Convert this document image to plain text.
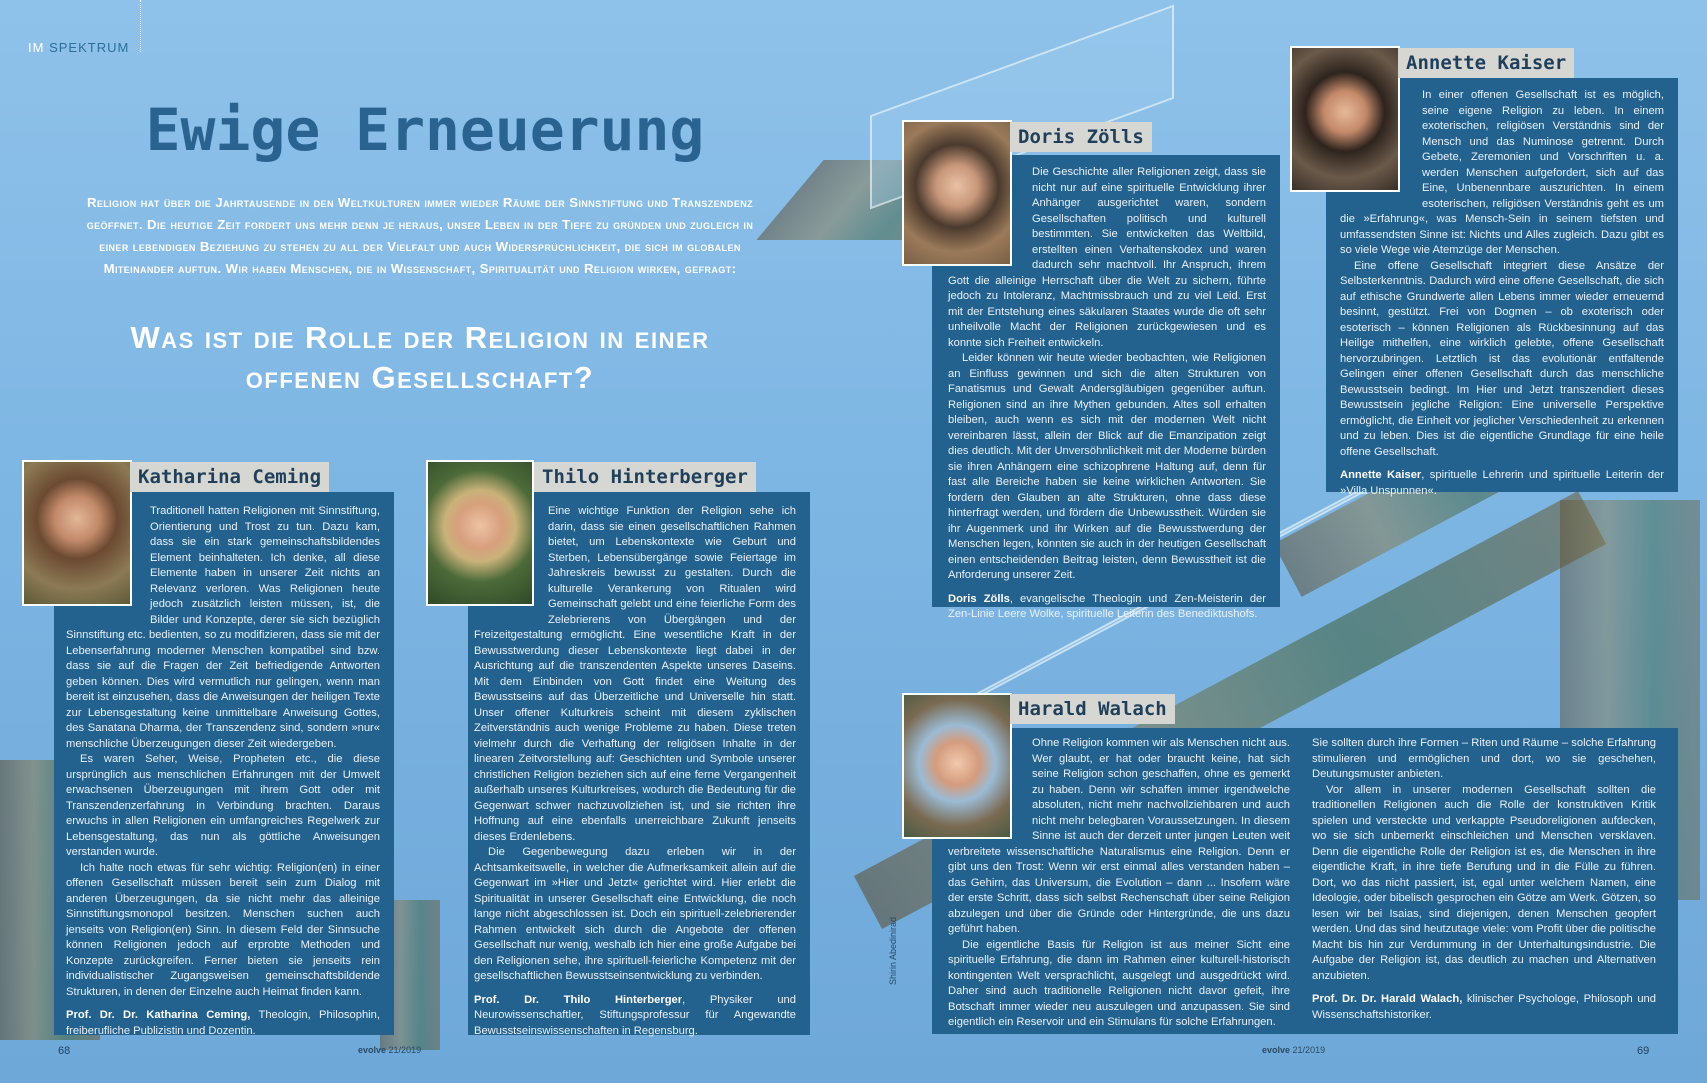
IM SPEKTRUM
Ewige Erneuerung
Religion hat über die Jahrtausende in den Weltkulturen immer wieder Räume der Sinnstiftung und Transzendenz geöffnet. Die heutige Zeit fordert uns mehr denn je heraus, unser Leben in der Tiefe zu gründen und zugleich in einer lebendigen Beziehung zu stehen zu all der Vielfalt und auch Widersprüchlichkeit, die sich im globalen Miteinander auftun. Wir haben Menschen, die in Wissenschaft, Spiritualität und Religion wirken, gefragt:
Was ist die Rolle der Religion in einer offenen Gesellschaft?

Traditionell hatten Religionen mit Sinnstiftung, Orientierung und Trost zu tun. Dazu kam, dass sie ein stark gemeinschaftsbildendes Element beinhalteten. Ich denke, all diese Elemente haben in unserer Zeit nichts an Relevanz verloren. Was Religionen heute jedoch zusätzlich leisten müssen, ist, die Bilder und Konzepte, derer sie sich bezüglich Sinnstiftung etc. bedienten, so zu modifizieren, dass sie mit der Lebenserfahrung moderner Menschen kompatibel sind bzw. dass sie auf die Fragen der Zeit befriedigende Antworten geben können. Dies wird vermutlich nur gelingen, wenn man bereit ist einzusehen, dass die Anweisungen der heiligen Texte zur Lebensgestaltung keine unmittelbare Anweisung Gottes, des Sanatana Dharma, der Transzendenz sind, sondern »nur« menschliche Überzeugungen dieser Zeit wiedergeben.

Es waren Seher, Weise, Propheten etc., die diese ursprünglich aus menschlichen Erfahrungen mit der Umwelt erwachsenen Überzeugungen mit ihrem Gott oder mit Transzendenzerfahrung in Verbindung brachten. Daraus erwuchs in allen Religionen ein umfangreiches Regelwerk zur Lebensgestaltung, das nun als göttliche Anweisungen verstanden wurde.

Ich halte noch etwas für sehr wichtig: Religion(en) in einer offenen Gesellschaft müssen bereit sein zum Dialog mit anderen Überzeugungen, da sie nicht mehr das alleinige Sinnstiftungsmonopol besitzen. Menschen suchen auch jenseits von Religion(en) Sinn. In diesem Feld der Sinnsuche können Religionen jedoch auf erprobte Methoden und Konzepte zurückgreifen. Ferner bieten sie jenseits rein individualistischer Zugangsweisen gemeinschaftsbildende Strukturen, in denen der Einzelne auch Heimat finden kann.

Prof. Dr. Dr. Katharina Ceming, Theologin, Philosophin, freiberufliche Publizistin und Dozentin.

Katharina Ceming

Eine wichtige Funktion der Religion sehe ich darin, dass sie einen gesellschaftlichen Rahmen bietet, um Lebenskontexte wie Geburt und Sterben, Lebensübergänge sowie Feiertage im Jahreskreis bewusst zu gestalten. Durch die kulturelle Verankerung von Ritualen wird Gemeinschaft gelebt und eine feierliche Form des Zelebrierens von Übergängen und der Freizeitgestaltung ermöglicht. Eine wesentliche Kraft in der Bewusstwerdung dieser Lebenskontexte liegt dabei in der Ausrichtung auf die transzendenten Aspekte unseres Daseins. Mit dem Einbinden von Gott findet eine Weitung des Bewusstseins auf das Überzeitliche und Universelle hin statt. Unser offener Kulturkreis scheint mit diesem zyklischen Zeitverständnis auch wenige Probleme zu haben. Diese treten vielmehr durch die Verhaftung der religiösen Inhalte in der linearen Zeitvorstellung auf: Geschichten und Symbole unserer christlichen Religion beziehen sich auf eine ferne Vergangenheit außerhalb unseres Kulturkreises, wodurch die Bedeutung für die Gegenwart schwer nachzuvollziehen ist, und sie richten ihre Hoffnung auf eine ebenfalls unerreichbare Zukunft jenseits dieses Erdenlebens.

Die Gegenbewegung dazu erleben wir in der Achtsamkeitswelle, in welcher die Aufmerksamkeit allein auf die Gegenwart im »Hier und Jetzt« gerichtet wird. Hier erlebt die Spiritualität in unserer Gesellschaft eine Entwicklung, die noch lange nicht abgeschlossen ist. Doch ein spirituell-zelebrierender Rahmen entwickelt sich durch die Angebote der offenen Gesellschaft nur wenig, weshalb ich hier eine große Aufgabe bei den Religionen sehe, ihre spirituell-feierliche Kompetenz mit der gesellschaftlichen Bewusstseinsentwicklung zu verbinden.

Prof. Dr. Thilo Hinterberger, Physiker und Neurowissenschaftler, Stiftungsprofessur für Angewandte Bewusstseinswissenschaften in Regensburg.

Thilo Hinterberger

Die Geschichte aller Religionen zeigt, dass sie nicht nur auf eine spirituelle Entwicklung ihrer Anhänger ausgerichtet waren, sondern Gesellschaften politisch und kulturell bestimmten. Sie entwickelten das Weltbild, erstellten einen Verhaltenskodex und waren dadurch sehr machtvoll. Ihr Anspruch, ihrem Gott die alleinige Herrschaft über die Welt zu sichern, führte jedoch zu Intoleranz, Machtmissbrauch und zu viel Leid. Erst mit der Entstehung eines säkularen Staates wurde die oft sehr unheilvolle Macht der Religionen zurückgewiesen und es konnte sich Freiheit entwickeln.

Leider können wir heute wieder beobachten, wie Religionen an Einfluss gewinnen und sich die alten Strukturen von Fanatismus und Gewalt Andersgläubigen gegenüber auftun. Religionen sind an ihre Mythen gebunden. Altes soll erhalten bleiben, auch wenn es sich mit der modernen Welt nicht vereinbaren lässt, allein der Blick auf die Emanzipation zeigt dies deutlich. Mit der Unversöhnlichkeit mit der Moderne bürden sie ihren Anhängern eine schizophrene Haltung auf, denn für fast alle Bereiche haben sie keine wirklichen Antworten. Sie fordern den Glauben an alte Strukturen, ohne dass diese hinterfragt werden, und fördern die Unbewusstheit. Würden sie ihr Augenmerk und ihr Wirken auf die Bewusstwerdung der Menschen legen, könnten sie auch in der heutigen Gesellschaft einen entscheidenden Beitrag leisten, denn Bewusstheit ist die Anforderung unserer Zeit.

Doris Zölls, evangelische Theologin und Zen-Meisterin der Zen-Linie Leere Wolke, spirituelle Leiterin des Benediktushofs.

Doris Zölls

In einer offenen Gesellschaft ist es möglich, seine eigene Religion zu leben. In einem exoterischen, religiösen Verständnis sind der Mensch und das Numinose getrennt. Durch Gebete, Zeremonien und Vorschriften u. a. werden Menschen aufgefordert, sich auf das Eine, Unbenennbare auszurichten. In einem esoterischen, religiösen Verständnis geht es um die »Erfahrung«, was Mensch-Sein in seinem tiefsten und umfassendsten Sinne ist: Nichts und Alles zugleich. Dazu gibt es so viele Wege wie Atemzüge der Menschen.

Eine offene Gesellschaft integriert diese Ansätze der Selbsterkenntnis. Dadurch wird eine offene Gesellschaft, die sich auf ethische Grundwerte allen Lebens immer wieder erneuernd besinnt, gestützt. Frei von Dogmen – ob exoterisch oder esoterisch – können Religionen als Rückbesinnung auf das Heilige mithelfen, eine wirklich gelebte, offene Gesellschaft hervorzubringen. Letztlich ist das evolutionär entfaltende Gelingen einer offenen Gesellschaft durch das menschliche Bewusstsein bedingt. Im Hier und Jetzt transzendiert dieses Bewusstsein jegliche Religion: Eine universelle Perspektive ermöglicht, die Einheit vor jeglicher Verschiedenheit zu erkennen und zu leben. Dies ist die eigentliche Grundlage für eine heile offene Gesellschaft.

Annette Kaiser, spirituelle Lehrerin und spirituelle Leiterin der »Villa Unspunnen«.

Annette Kaiser

Ohne Religion kommen wir als Menschen nicht aus. Wer glaubt, er hat oder braucht keine, hat sich seine Religion schon geschaffen, ohne es gemerkt zu haben. Denn wir schaffen immer irgendwelche absoluten, nicht mehr nachvollziehbaren und auch nicht mehr belegbaren Voraussetzungen. In diesem Sinne ist auch der derzeit unter jungen Leuten weit verbreitete wissenschaftliche Naturalismus eine Religion. Denn er gibt uns den Trost: Wenn wir erst einmal alles verstanden haben – das Gehirn, das Universum, die Evolution – dann ... Insofern wäre der erste Schritt, dass sich selbst Rechenschaft über seine Religion abzulegen und über die Gründe oder Hintergründe, die uns dazu geführt haben.

Die eigentliche Basis für Religion ist aus meiner Sicht eine spirituelle Erfahrung, die dann im Rahmen einer kulturell-historisch kontingenten Welt versprachlicht, ausgelegt und ausgedrückt wird. Daher sind auch traditionelle Religionen nicht davor gefeit, ihre Botschaft immer wieder neu auszulegen und anzupassen. Sie sind eigentlich ein Reservoir und ein Stimulans für solche Erfahrungen.

Sie sollten durch ihre Formen – Riten und Räume – solche Erfahrung stimulieren und ermöglichen und dort, wo sie geschehen, Deutungsmuster anbieten.

Vor allem in unserer modernen Gesellschaft sollten die traditionellen Religionen auch die Rolle der konstruktiven Kritik spielen und versteckte und verkappte Pseudoreligionen aufdecken, wo sie sich unbemerkt einschleichen und Menschen versklaven. Denn die eigentliche Rolle der Religion ist es, die Menschen in ihre eigentliche Kraft, in ihre tiefe Berufung und in die Fülle zu führen. Dort, wo das nicht passiert, ist, egal unter welchem Namen, eine Ideologie, oder bibelisch gesprochen ein Götze am Werk. Götzen, so lesen wir bei Isaias, sind diejenigen, denen Menschen geopfert werden. Und das sind heutzutage viele: vom Profit über die politische Macht bis hin zur Verdummung in der Unterhaltungsindustrie. Die Aufgabe der Religion ist, das deutlich zu machen und Alternativen anzubieten.

Prof. Dr. Dr. Harald Walach, klinischer Psychologe, Philosoph und Wissenschaftshistoriker.

Harald Walach
68	evolve 21/2019	evolve 21/2019	69
Shirin Abedinirad
